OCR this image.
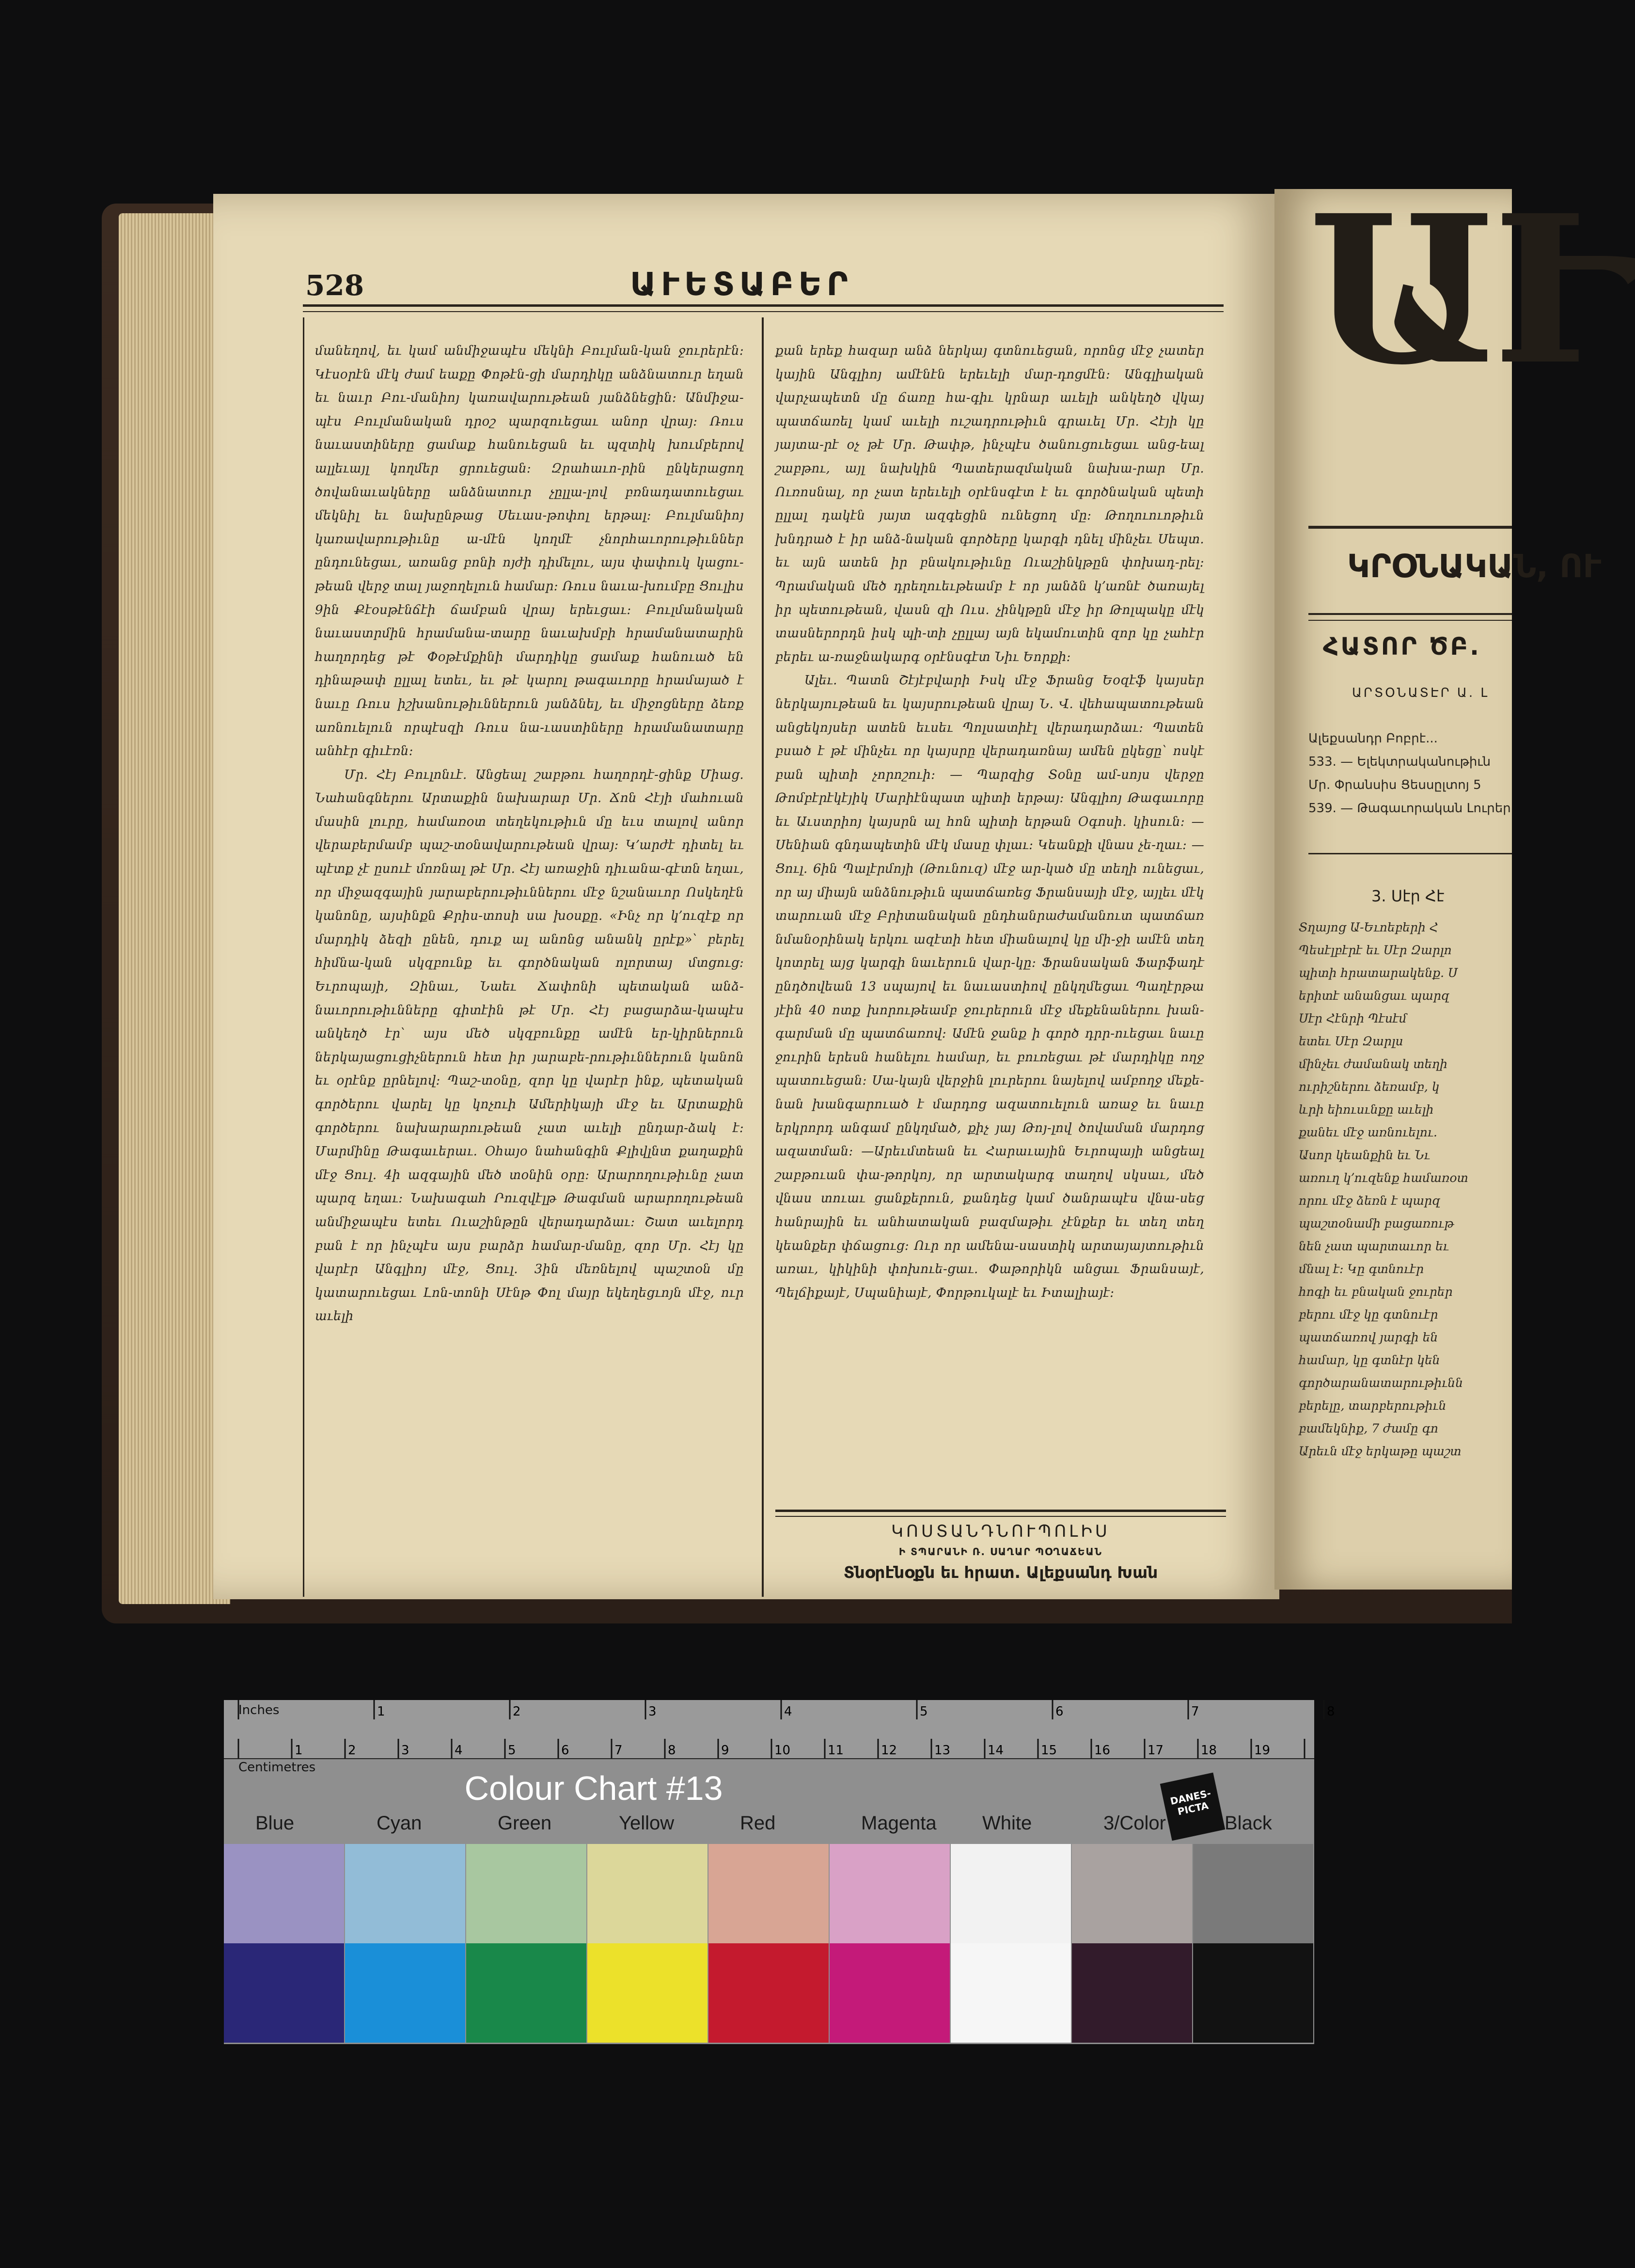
528	ԱՒԵՏԱԲԵՐ

մանեղով, եւ կամ անմիջապէս մեկնի Բուլման-կան ջուրերէն։ Կէսօրէն մէկ ժամ եաքը Փոթէն-ցի մարդիկը անձնատուր եղան եւ նաւր Բու-մանիոյ կառավարութեան յանձնեցին։ Անմիջա-պէս Բուլմանական դրօշ պարզուեցաւ անոր վրայ։ Ռուս նաւաստիները ցամաք հանուեցան եւ պզտիկ խումբերով ալլեւայլ կողմեր ցրուեցան։ Զրահաւո-րին ընկերացող ծովանաւակները անձնատուր չըլլա-լով բռնադատուեցաւ մեկնիլ եւ նախընթաց Սեւաս-թոփոլ երթալ։ Բուլմանիոյ կառավարութիւնը ա-մէն կողմէ չնորհաւորութիւններ ընդունեցաւ, առանց բոնի ոյժի դիմելու, այս փափուկ կացու-թեան վերջ տալ յաջողելուն համար։ Ռուս նաւա-խումբը Ցուլիս 9ին Քէօսթէնճէի ճամբան վրայ երեւցաւ։ Բուլմանական նաւաստրմին հրամանա-տարը նաւախմբի հրամանատարին հաղորդեց թէ Փօթէմքինի մարդիկը ցամաք հանուած են դինաթափ ըլլալ ետեւ, եւ թէ կարոլ թագաւորը հրամայած է նաւը Ռուս իշխանութիւններուն յանձնել, եւ միջոցները ձեռք առնուելուն որպէսզի Ռուս նա-ւաստիները հրամանատարը անհէր գիւէռն։

Մր. Հէյ Բուլոնւէ. Անցեալ շաբթու հաղորդէ-ցինք Միաց. Նահանգներու Արտաքին նախարար Մր. Ճոն Հէյի մահուան մասին լուրը, համառօտ տեղեկութիւն մը եւս տալով անոր վերաբերմամբ պաշ-տօնավարութեան վրայ։ Կ՚արժէ դիտել եւ պէտք չէ ըսուէ մոռնալ թէ Մր. Հէյ առաջին դիւանա-գէտն եղաւ, որ միջազգային յարաբերութիւններու մէջ նշանաւոր Ոսկեղէն կանոնը, այսինքն Քրիս-տոսի սա խօսքը. «Ինչ որ կ՚ուզէք որ մարդիկ ձեզի ընեն, դուք ալ անոնց անանկ ըրէք»՝ բերել հիմնա-կան սկզբունք եւ գործնական ոլորտայ մտցուց։ Եւրոպայի, Զինաւ, Նաեւ Ճափոնի պետական անձ-նաւորութիւնները գիտէին թէ Մր. Հէյ բացարձա-կապէս անկեղծ էր՝ այս մեծ սկզբունքը ամէն եր-կիրներուն ներկայացուցիչներուն հետ իր յարաբե-րութիւններուն կանոն եւ օրէնք ըրնելով։ Պաշ-տօնը, զոր կը վարէր ինք, պետական գործերու վարել կը կոչուի Ամերիկայի մէջ եւ Արտաքին գործերու նախարարութեան չատ աւելի ընդար-ձակ է։ Մարմինը Թագաւերաւ. Օհայօ նահանգին Քլիվլնտ քաղաքին մէջ Ցուլ. 4ի ազգային մեծ տօնին օրը։ Արարողութիւնը չատ պարզ եղաւ։ Նախագահ Րուզվէլթ Թագման արարողութեան անմիջապէս ետեւ Ուաշինթըն վերադարձաւ։ Շատ աւելորդ բան է որ ինչպէս այս բարձր համար-մանը, զոր Մր. Հէյ կը վարէր Անգլիոյ մէջ, Ցուլ. 3ին մեռնելով պաշտօն մը կատարուեցաւ Լոն-տոնի Սէնթ Փոլ մայր եկեղեցւոյն մէջ, ուր աւելի

քան երեք հազար անձ ներկայ գտնուեցան, որոնց մէջ չատեր կային Անգլիոյ ամէնէն երեւելի մար-դոցմէն։ Անգլիական վարչապետն մը ճառը հա-գիւ կրնար աւելի անկեղծ վկայ պատճառել կամ աւելի ուշադրութիւն գրաւել Մր. Հէյի կը յայտա-րէ օչ թէ Մր. Թափթ, ինչպէս ծանուցուեցաւ անց-եալ շաբթու, այլ նախկին Պատերազմական նախա-րար Մր. Ուռոսնալ, որ չատ երեւելի օրէնսգէտ է եւ գործնական պետի ըլլալ դակէն յայտ ազգեցին ունեցող մը։ Թողուուոթիւն խնդրած է իր անձ-նական գործերը կարգի դնել մինչեւ Սեպտ. եւ այն ատեն իր բնակութիւնը Ուաշինկթըն փոխադ-րել։ Պրամական մեծ դրեղուեւթեամբ է որ յանձն կ՚առնէ ծառայել իր պետութեան, վասն զի Ուս. չինկթըն մէջ իր Թոլպակը մէկ տասներորդն իսկ պի-տի չըլլայ այն եկամուտին զոր կը չահէր բերեւ ա-ռաջնակարգ օրէնսգէտ Նիւ Եորքի։

Ալեւ. Պատն Շէյէբվարի Իսկ մէջ Ֆրանց Եօզէֆ կայսեր ներկայութեան եւ կայսրութեան վրայ Ն. Վ. վեհապատութեան անցեկոյսեր ատեն եւսեւ Պոլսատիէլ վերադարձաւ։ Պատեն բսած է թէ մինչեւ որ կայսրը վերադառնայ ամեն ըկեցը՝ ոսկէ բան պիտի չորոշուի։ — Պարզից Տօնը ամ-սոյս վերջը Թոմբէրէկէյիկ Մարիէնպատ պիտի երթայ։ Անգլիոյ Թագաւորը եւ Աւստրիոյ կայսրն ալ հոն պիտի երթան Օգոսի. կիսուն։ —Սենիան գնդապետին մէկ մասը փլաւ։ Կեանքի վնաս չե-ղաւ։ —Ցուլ. 6ին Պալէրմոյի (Թունուզ) մէջ ար-կած մը տեղի ունեցաւ, որ այ միայն անձնութիւն պատճառեց Ֆրանսայի մէջ, այլեւ մէկ տարուան մէջ Բրիտանական ընդհանրաժամանուտ պատճառ նմանօրինակ երկու ազէտի հետ միանալով կը մի-ջի ամէն տեղ կոտրել այց կարգի նաւերուն վար-կը։ Ֆրանսական Ֆարֆադէ ընդծովեան 13 սպայով եւ նաւաստիով ընկղմեցաւ Պաղէրթա յէին 40 ոտք խորութեամբ ջուրերուն մէջ մեքենաներու խան-գարման մը պատճառով։ Ամէն ջանք ի գործ դրր-ուեցաւ նաւը ջուրին երեսն հանելու համար, եւ բուռեցաւ թէ մարդիկը ողջ պատուեցան։ Սա-կայն վերջին լուրերու նայելով ամբողջ մեքե-նան խանգարուած է մարդոց ազատուելուն առաջ եւ նաւը երկրորդ անգամ ընկղմած, քիչ յայ Թոյ-լով ծովաման մարդոց ազատման։ —Արեւմտեան եւ Հարաւային Եւրոպայի անցեալ շաբթուան փա-թորկոյ, որ արտակարգ տաղով սկսաւ, մեծ վնաս տուաւ ցանքերուն, քանդեց կամ ծանրապէս վնա-սեց հանրային եւ անհատական բազմաթիւ չէնքեր եւ տեղ տեղ կեանքեր փճացուց։ Ուր որ ամենա-սաստիկ արտայայտութիւն առաւ, կիկինի փոխուե-ցաւ. Փաթորիկն անցաւ Ֆրանսայէ, Պելճիքայէ, Սպանիայէ, Փորթուկալէ եւ Իտալիայէ։

ԿՈՍՏԱՆԴՆՈՒՊՈԼԻՍ
Ի ՏՊԱՐԱՆԻ Ռ. ՍԱՂԱՐ ՊՕՂԱՃԵԱՆ
Տնօրէնօքն եւ հրատ. Ալեքսանդ Խան
ԱՒ
ԿՐՕՆԱԿԱՆ, ՈՒ
ՀԱՏՈՐ ԾԲ.
ԱՐՏՕՆԱՏԷՐ Ա. Լ
Ալեքսանդր Բոբրէ...
533. — Ելեկտրականութիւն
Մր. Փրանսիս Ցեսսըլտոյ 5
539. — Թագաւորական Լուրեր
3. Սէր Հէ
Տղայոց Ա-Եւոեբերի Հ
Պեսէլբէրէ եւ Սէր Զարլո
պիտի հրատարակենք. Ս
երիտէ անանցաւ պարզ
Սէր Հէնրի Պէսէմ
ետեւ Սէր Զարլս
մինչեւ ժամանակ տեղի
ուրիշներու ձեռամբ, կ
ևրի եիուսւնքը աւելի
քանեւ մէջ առնուելու.
Ասոր կեանքին եւ Նւ
առուղ կ՚ուզենք համառօտ
որու մէջ ձեռն է պարզ
պաշտօնամի բացառութ
նեն չատ պարտաւոր եւ
մնալ է։ Կը գտնուէր
հոգի եւ բնական ջուրեր
բերու մէջ կը գտնուէր
պատճառով յարգի են
համար, կը գտնէր կեն
գործարանատարութիւնն
բերելը, տարբերութիւն
բամեկնիք, 7 ժամը գո
Արեւն մէջ երկաթը պաշտ
1	2	3	4	5	6	7	8
1	2	3	4	5	6	7	8	9	10	11	12	13	14	15	16	17	18	19
Inches
Centimetres
Colour Chart #13	DANES-PICTA
Blue	Cyan	Green	Yellow	Red	Magenta White	3/Color	Black
